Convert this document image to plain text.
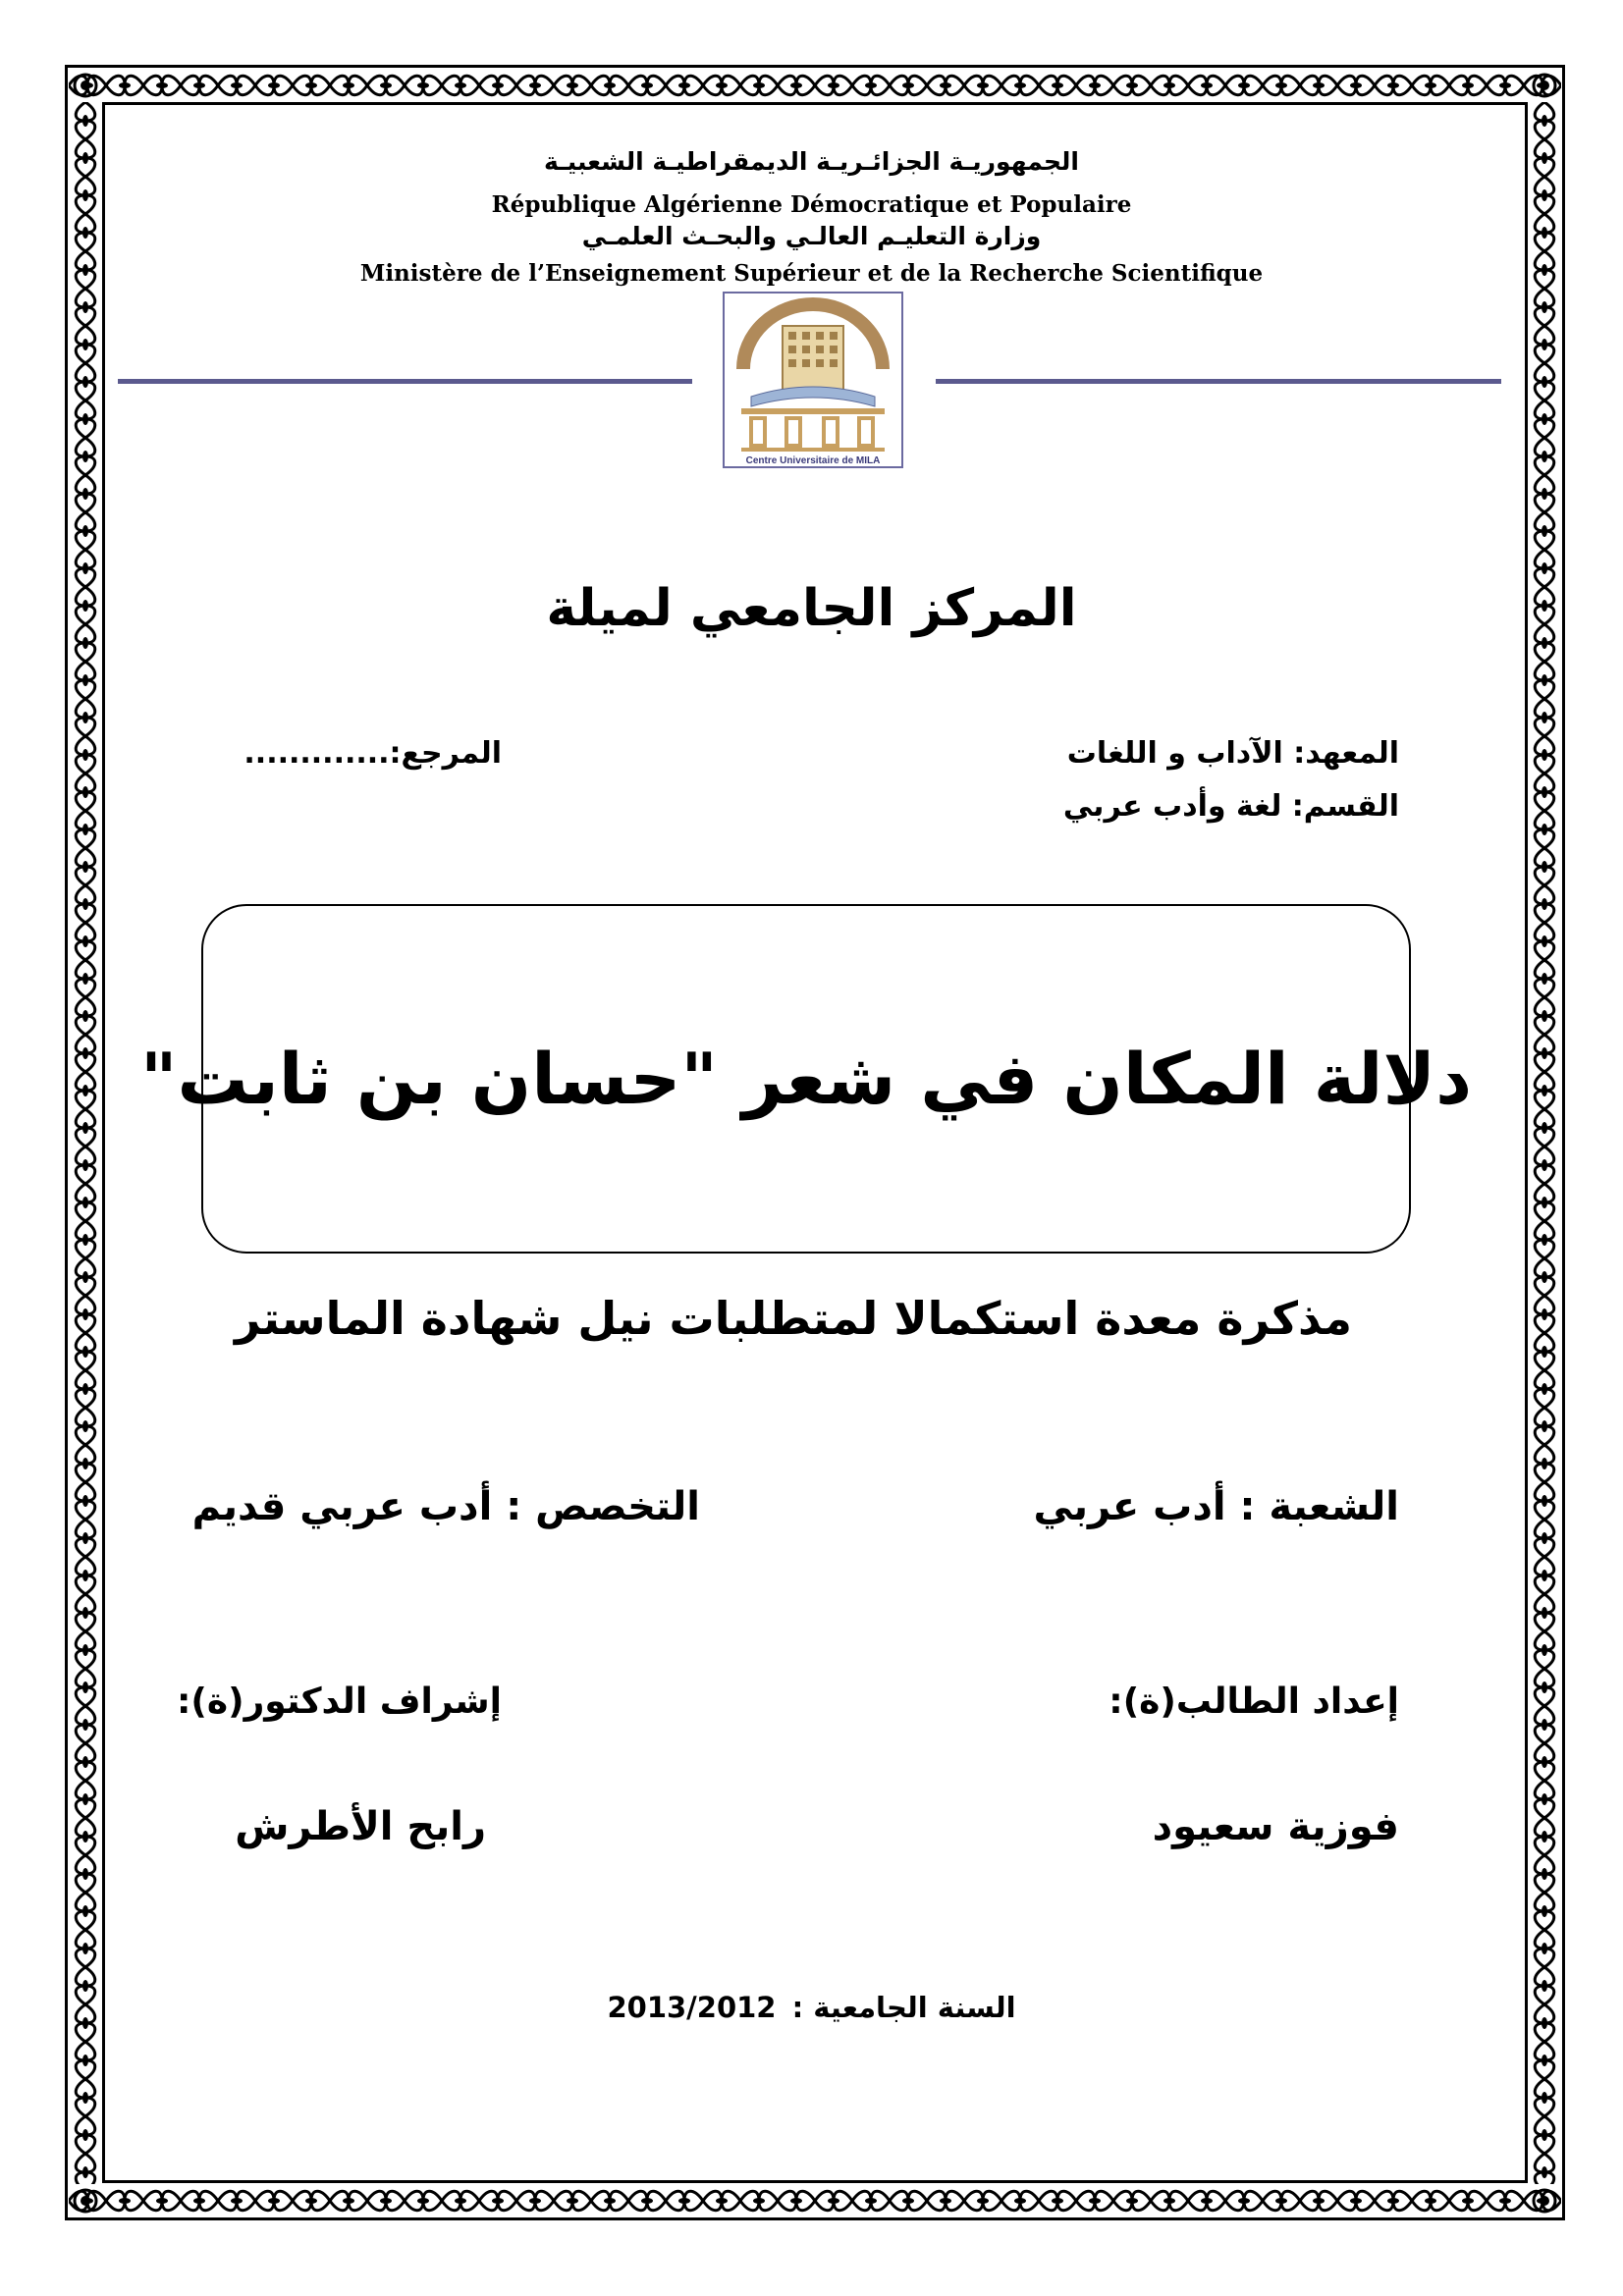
الجمهوريـة الجزائـريـة الديمقراطيـة الشعبيـة
République Algérienne Démocratique et Populaire
وزارة التعليـم العالـي والبحـث العلمـي
Ministère de l’Enseignement Supérieur et de la Recherche Scientifique
Centre Universitaire de MILA
المركز الجامعي لميلة
المعهد: الآداب و اللغات
المرجع:.............
القسم: لغة وأدب عربي
دلالة المكان في شعر "حسان بن ثابت"
مذكرة معدة استكمالا لمتطلبات نيل شهادة الماستر
الشعبة : أدب عربي
التخصص : أدب عربي قديم
إعداد الطالب(ة):
إشراف الدكتور(ة):
فوزية سعيود
رابح الأطرش
السنة الجامعية : 2013/2012
